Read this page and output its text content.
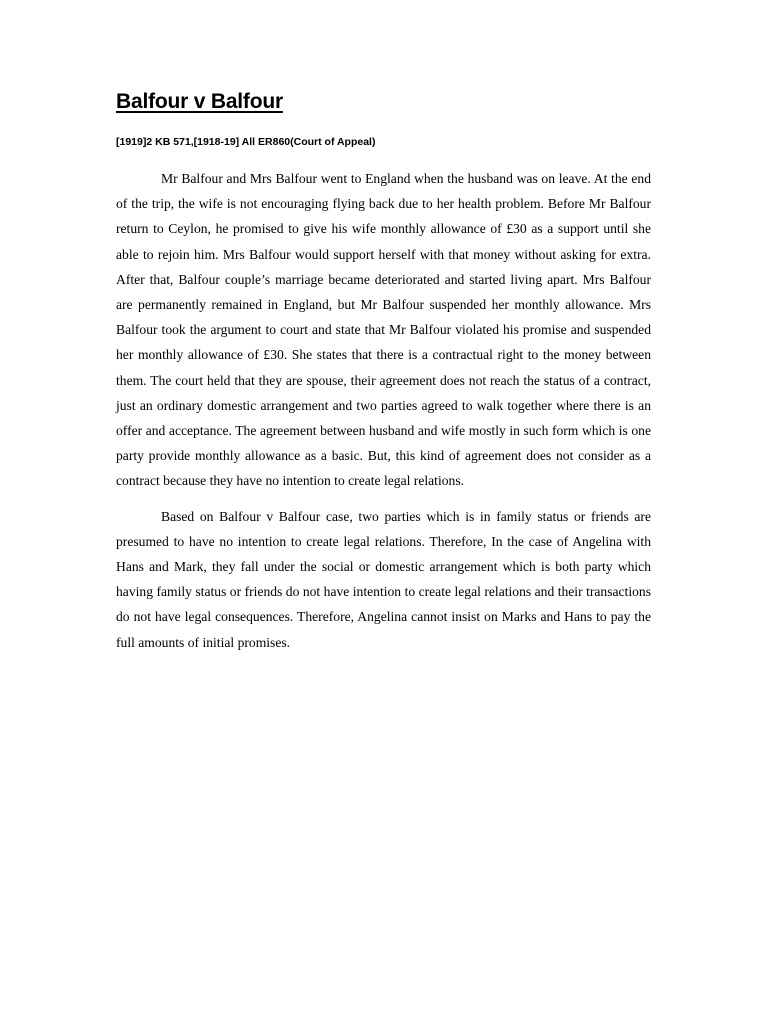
Balfour v Balfour
[1919]2 KB 571,[1918-19] All ER860(Court of Appeal)

Mr Balfour and Mrs Balfour went to England when the husband was on leave. At the end of the trip, the wife is not encouraging flying back due to her health problem. Before Mr Balfour return to Ceylon, he promised to give his wife monthly allowance of £30 as a support until she able to rejoin him. Mrs Balfour would support herself with that money without asking for extra. After that, Balfour couple’s marriage became deteriorated and started living apart. Mrs Balfour are permanently remained in England, but Mr Balfour suspended her monthly allowance. Mrs Balfour took the argument to court and state that Mr Balfour violated his promise and suspended her monthly allowance of £30. She states that there is a contractual right to the money between them. The court held that they are spouse, their agreement does not reach the status of a contract, just an ordinary domestic arrangement and two parties agreed to walk together where there is an offer and acceptance. The agreement between husband and wife mostly in such form which is one party provide monthly allowance as a basic. But, this kind of agreement does not consider as a contract because they have no intention to create legal relations.

Based on Balfour v Balfour case, two parties which is in family status or friends are presumed to have no intention to create legal relations. Therefore, In the case of Angelina with Hans and Mark, they fall under the social or domestic arrangement which is both party which having family status or friends do not have intention to create legal relations and their transactions do not have legal consequences. Therefore, Angelina cannot insist on Marks and Hans to pay the full amounts of initial promises.
